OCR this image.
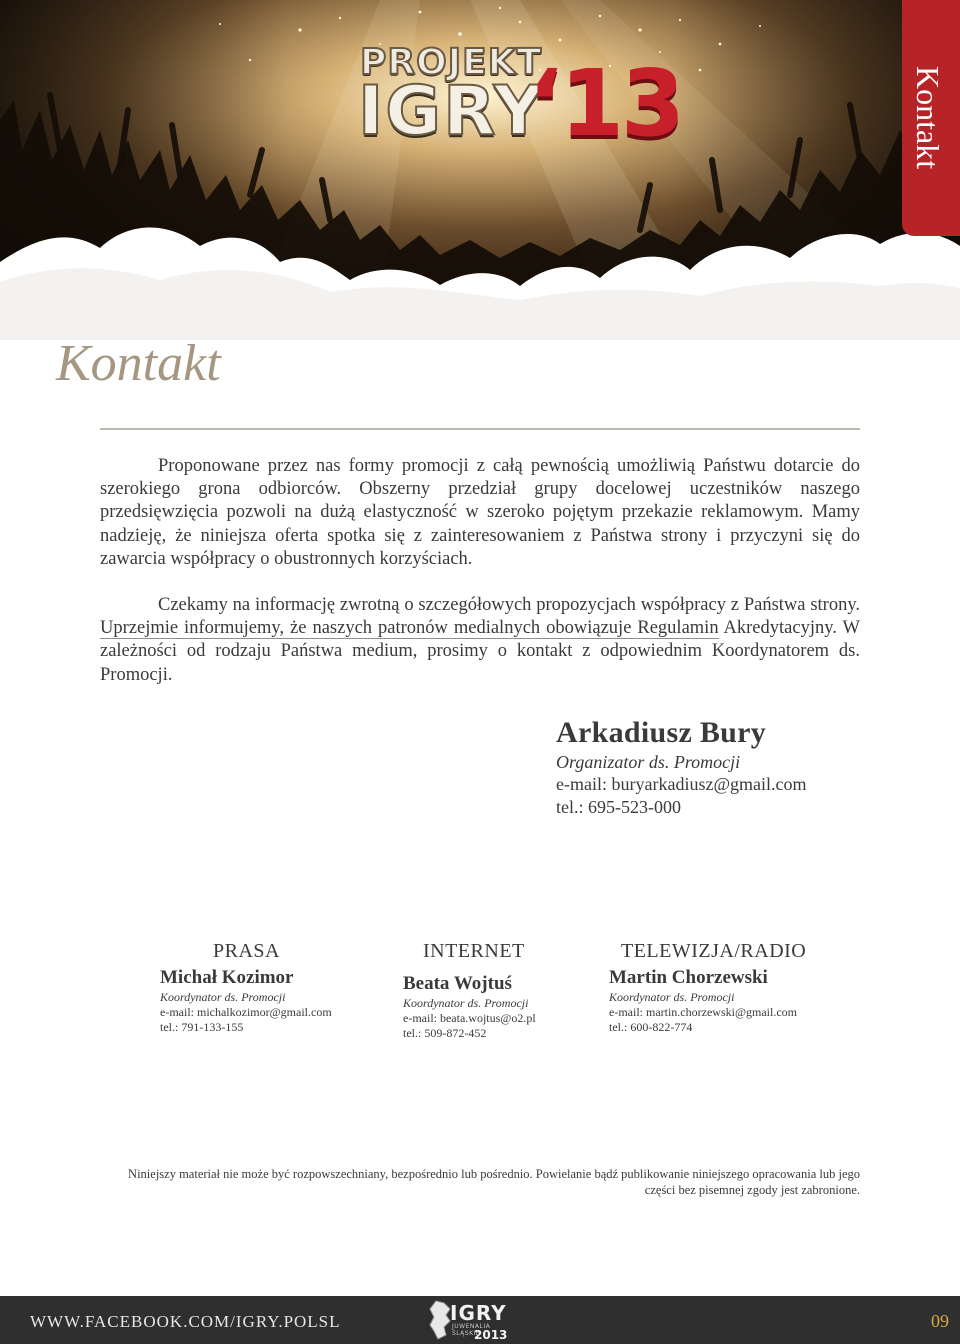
PROJEKT
IGRY
‘13	Kontakt
Kontakt
Proponowane przez nas formy promocji z całą pewnością umożliwią Państwu dotarcie do szerokiego grona odbiorców. Obszerny przedział grupy docelowej uczestników naszego przedsięwzięcia pozwoli na dużą elastyczność w szeroko pojętym przekazie reklamowym. Mamy nadzieję, że niniejsza oferta spotka się z zainteresowaniem z Państwa strony i przyczyni się do zawarcia współpracy o obustronnych korzyściach.
Czekamy na informację zwrotną o szczegółowych propozycjach współpracy z Państwa strony. Uprzejmie informujemy, że naszych patronów medialnych obowiązuje Regulamin Akredytacyjny. W zależności od rodzaju Państwa medium, prosimy o kontakt z odpowiednim Koordynatorem ds. Promocji.
Arkadiusz Bury
Organizator ds. Promocji
e-mail: buryarkadiusz@gmail.com
tel.: 695-523-000
PRASA
Michał Kozimor
Koordynator ds. Promocji
e-mail: michalkozimor@gmail.com
tel.: 791-133-155
INTERNET
Beata Wojtuś
Koordynator ds. Promocji
e-mail: beata.wojtus@o2.pl
tel.: 509-872-452
TELEWIZJA/RADIO
Martin Chorzewski
Koordynator ds. Promocji
e-mail: martin.chorzewski@gmail.com
tel.: 600-822-774
Niniejszy materiał nie może być rozpowszechniany, bezpośrednio lub pośrednio. Powielanie bądź publikowanie niniejszego opracowania lub jego części bez pisemnej zgody jest zabronione.
WWW.FACEBOOK.COM/IGRY.POLSL	IGRY
JUWENALIA ŚLĄSKIE
2013
09
